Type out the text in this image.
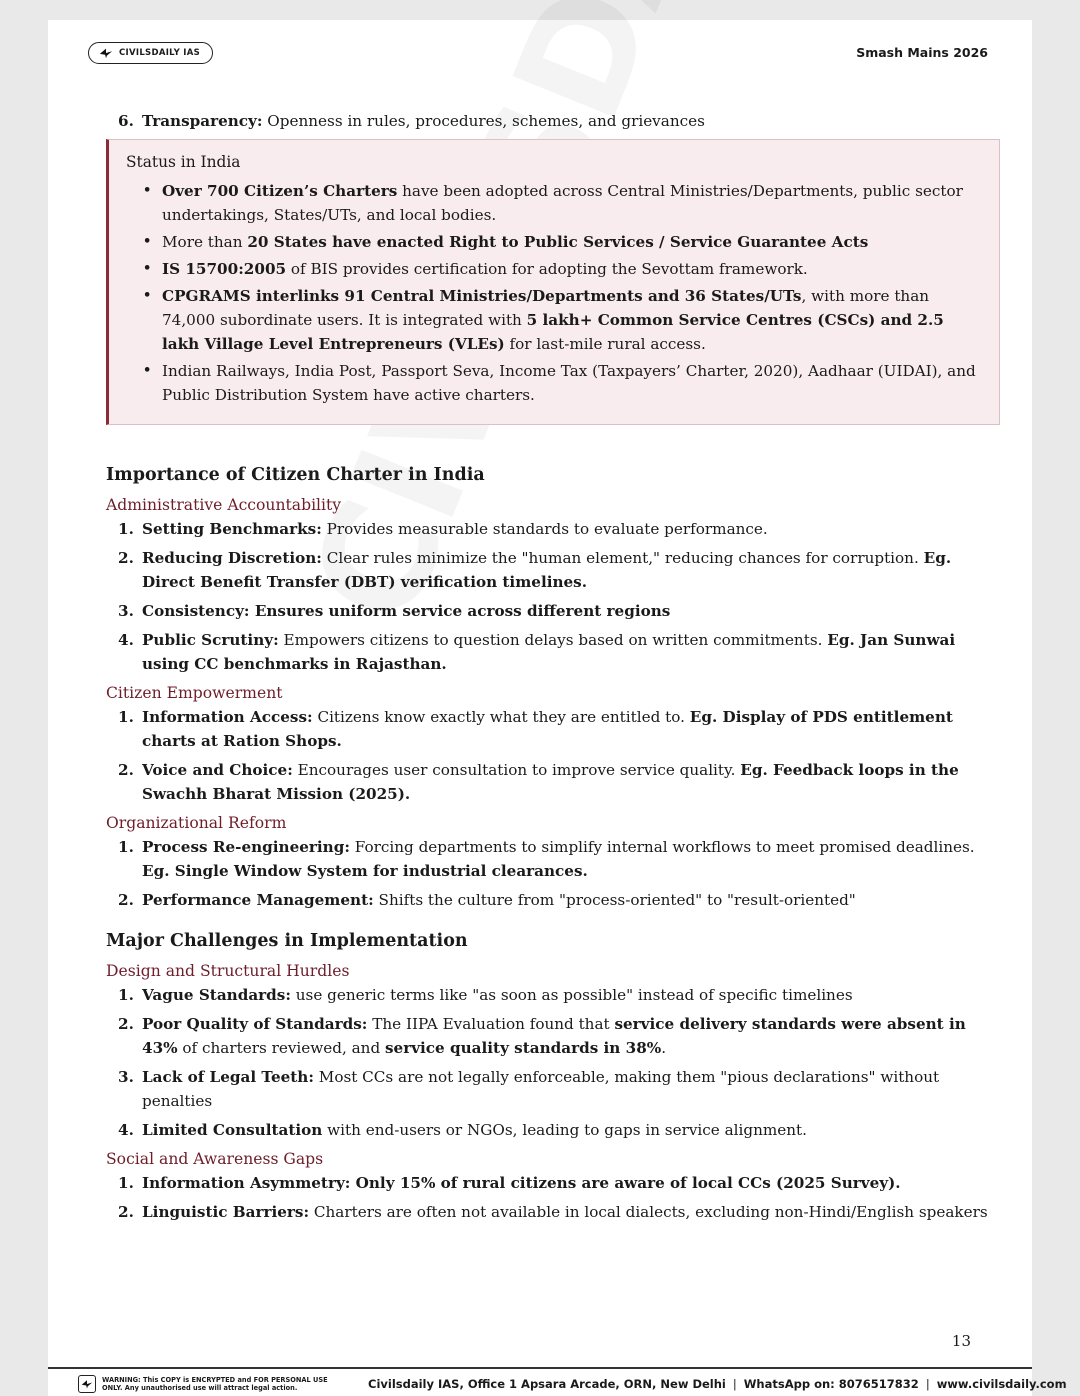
CIVILSDAILY IAS	Smash Mains 2026
6. Transparency: Openness in rules, procedures, schemes, and grievances
Status in India
• Over 700 Citizen’s Charters have been adopted across Central Ministries/Departments, public sector undertakings, States/UTs, and local bodies.
• More than 20 States have enacted Right to Public Services / Service Guarantee Acts
• IS 15700:2005 of BIS provides certification for adopting the Sevottam framework.
• CPGRAMS interlinks 91 Central Ministries/Departments and 36 States/UTs, with more than 74,000 subordinate users. It is integrated with 5 lakh+ Common Service Centres (CSCs) and 2.5 lakh Village Level Entrepreneurs (VLEs) for last-mile rural access.
• Indian Railways, India Post, Passport Seva, Income Tax (Taxpayers’ Charter, 2020), Aadhaar (UIDAI), and Public Distribution System have active charters.
Importance of Citizen Charter in India
Administrative Accountability
1. Setting Benchmarks: Provides measurable standards to evaluate performance.
2. Reducing Discretion: Clear rules minimize the "human element," reducing chances for corruption. Eg. Direct Benefit Transfer (DBT) verification timelines.
3. Consistency: Ensures uniform service across different regions
4. Public Scrutiny: Empowers citizens to question delays based on written commitments. Eg. Jan Sunwai using CC benchmarks in Rajasthan.
Citizen Empowerment
1. Information Access: Citizens know exactly what they are entitled to. Eg. Display of PDS entitlement charts at Ration Shops.
2. Voice and Choice: Encourages user consultation to improve service quality. Eg. Feedback loops in the Swachh Bharat Mission (2025).
Organizational Reform
1. Process Re-engineering: Forcing departments to simplify internal workflows to meet promised deadlines. Eg. Single Window System for industrial clearances.
2. Performance Management: Shifts the culture from "process-oriented" to "result-oriented"
Major Challenges in Implementation
Design and Structural Hurdles
1. Vague Standards: use generic terms like "as soon as possible" instead of specific timelines
2. Poor Quality of Standards: The IIPA Evaluation found that service delivery standards were absent in 43% of charters reviewed, and service quality standards in 38%.
3. Lack of Legal Teeth: Most CCs are not legally enforceable, making them "pious declarations" without penalties
4. Limited Consultation with end-users or NGOs, leading to gaps in service alignment.
Social and Awareness Gaps
1. Information Asymmetry: Only 15% of rural citizens are aware of local CCs (2025 Survey).
2. Linguistic Barriers: Charters are often not available in local dialects, excluding non-Hindi/English speakers
13
WARNING: This COPY is ENCRYPTED and FOR PERSONAL USE ONLY. Any unauthorised use will attract legal action.	Civilsdaily IAS, Office 1 Apsara Arcade, ORN, New Delhi | WhatsApp on: 8076517832 | www.civilsdaily.com
